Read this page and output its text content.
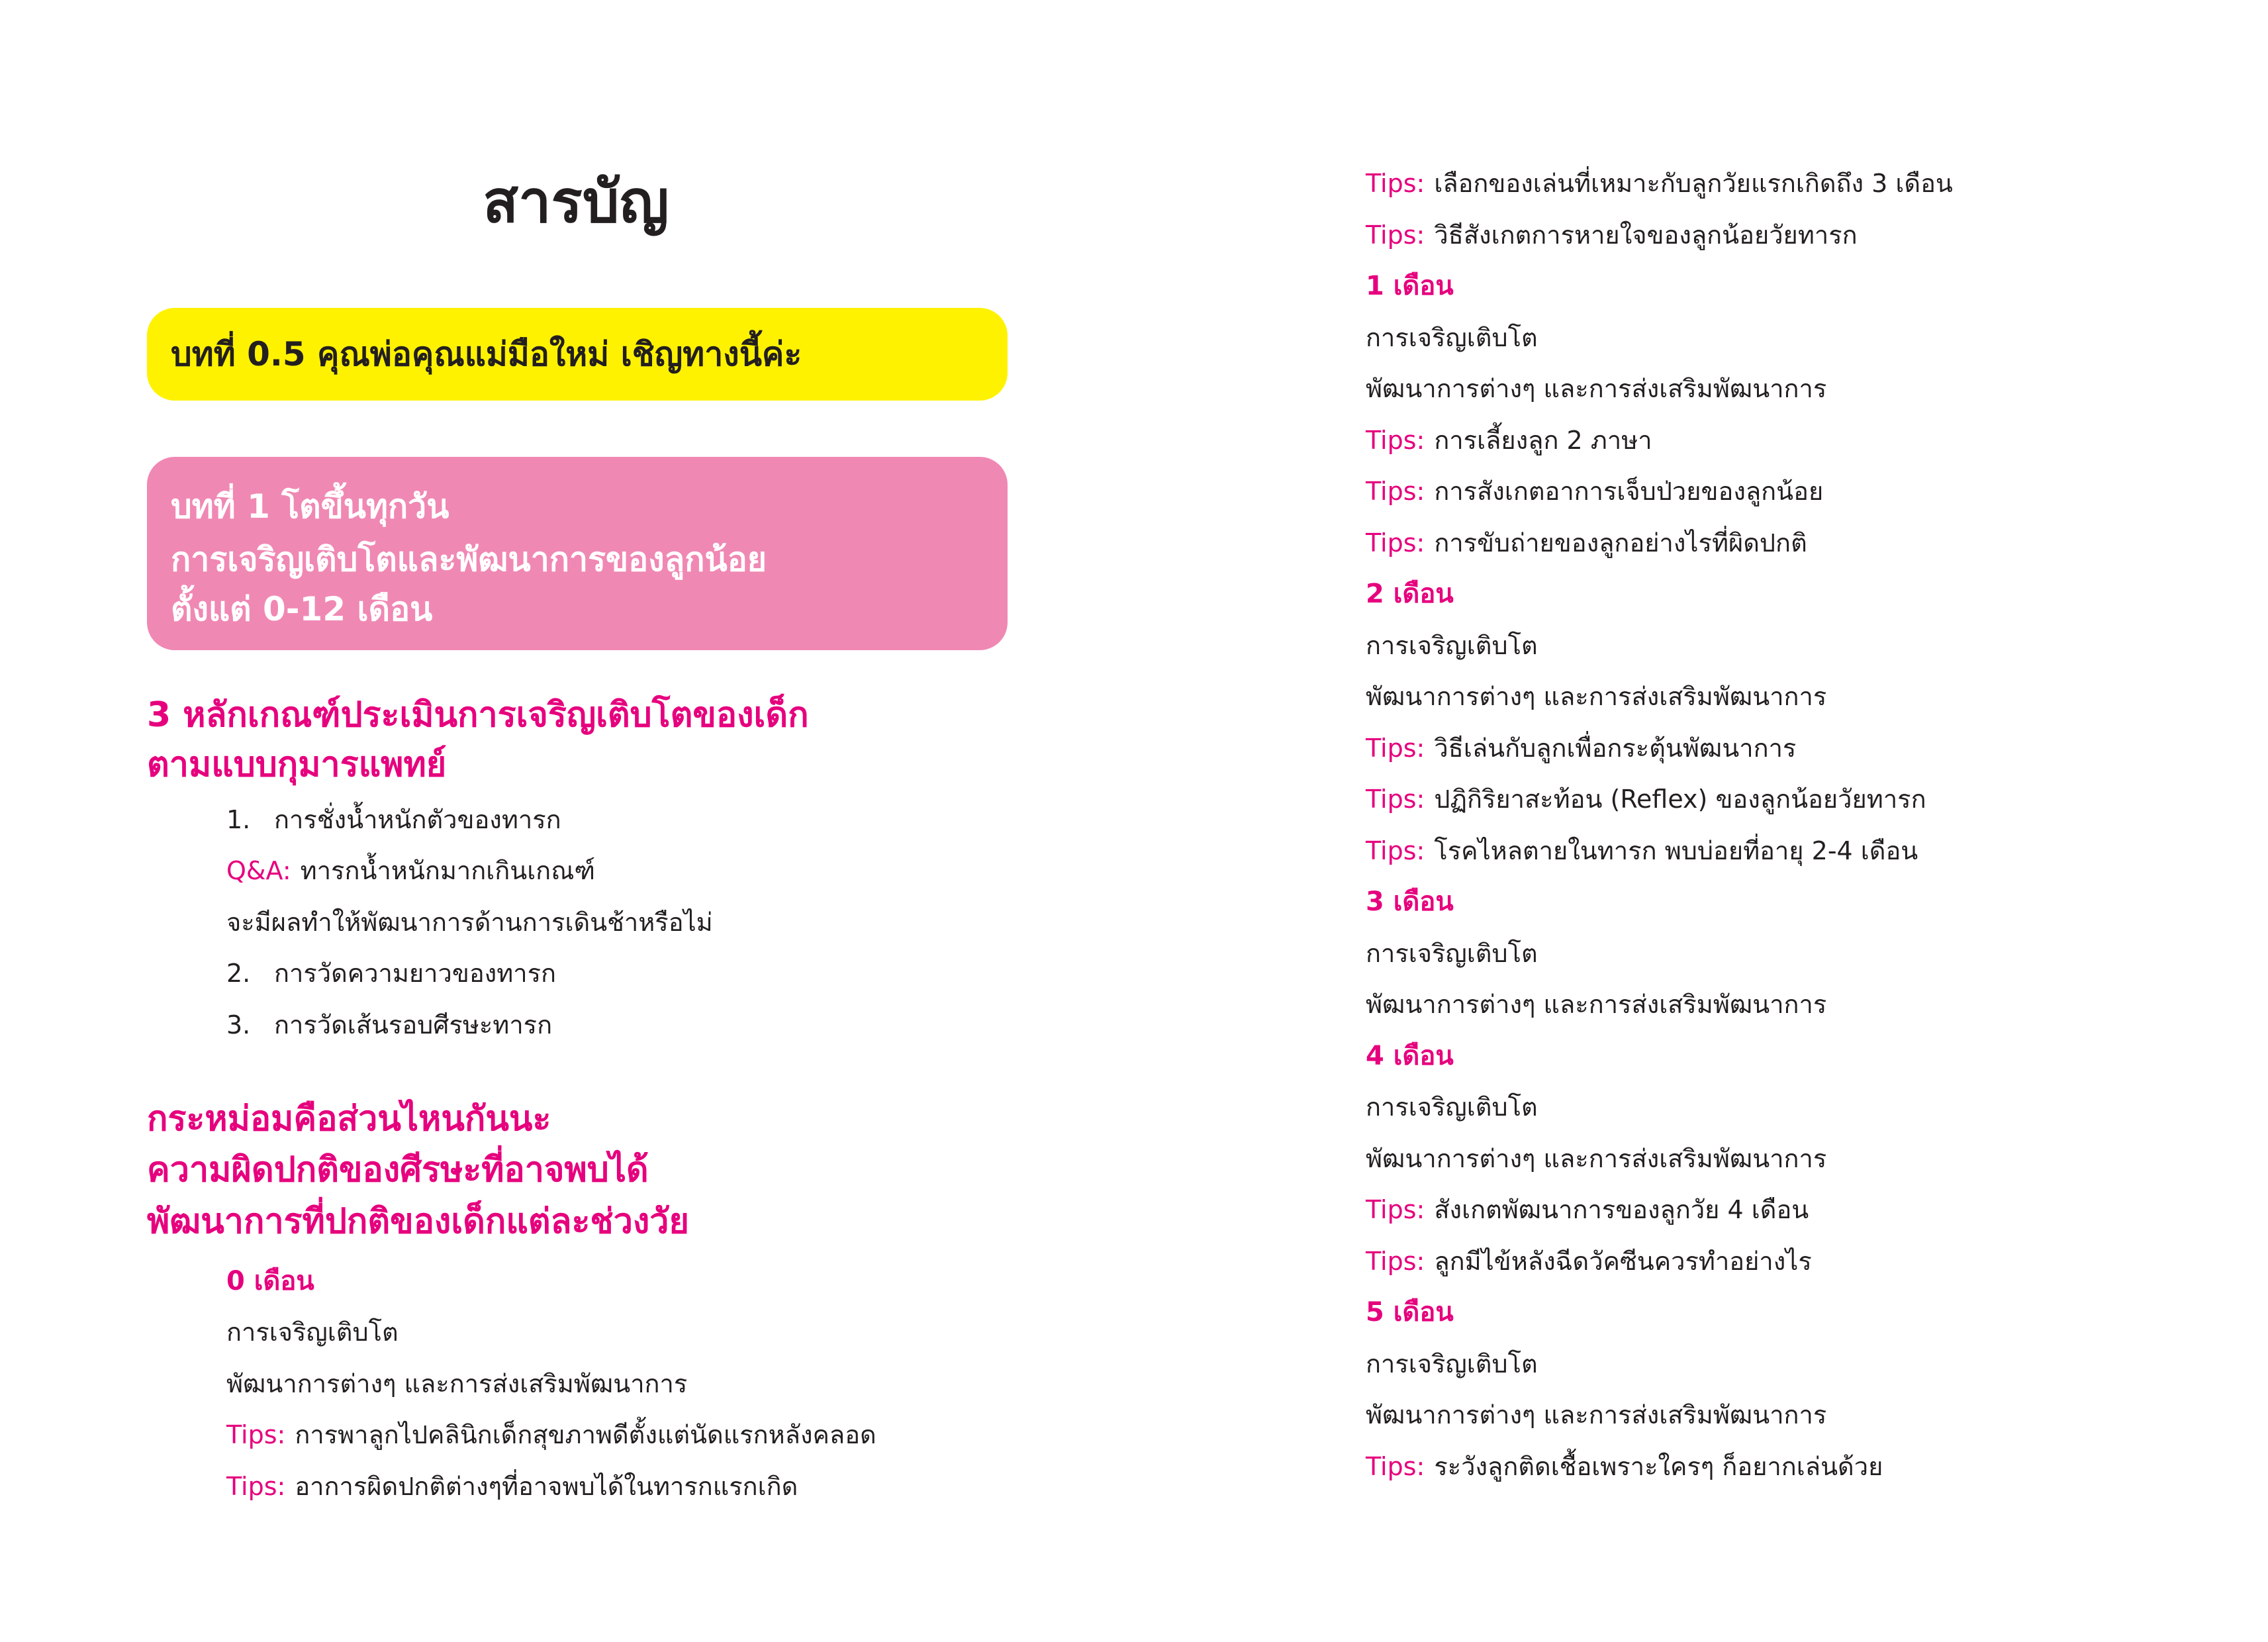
สารบัญ
บทที่ 0.5 คุณพ่อคุณแม่มือใหม่ เชิญทางนี้ค่ะ
บทที่ 1 โตขึ้นทุกวัน
การเจริญเติบโตและพัฒนาการของลูกน้อย
ตั้งแต่ 0-12 เดือน
3 หลักเกณฑ์ประเมินการเจริญเติบโตของเด็ก
ตามแบบกุมารแพทย์
1. การชั่งน้ำหนักตัวของทารก
Q&A: ทารกน้ำหนักมากเกินเกณฑ์
จะมีผลทำให้พัฒนาการด้านการเดินช้าหรือไม่
2. การวัดความยาวของทารก
3. การวัดเส้นรอบศีรษะทารก
กระหม่อมคือส่วนไหนกันนะ
ความผิดปกติของศีรษะที่อาจพบได้
พัฒนาการที่ปกติของเด็กแต่ละช่วงวัย
0 เดือน
การเจริญเติบโต
พัฒนาการต่างๆ และการส่งเสริมพัฒนาการ
Tips: การพาลูกไปคลินิกเด็กสุขภาพดีตั้งแต่นัดแรกหลังคลอด
Tips: อาการผิดปกติต่างๆที่อาจพบได้ในทารกแรกเกิด
Tips: เลือกของเล่นที่เหมาะกับลูกวัยแรกเกิดถึง 3 เดือน
Tips: วิธีสังเกตการหายใจของลูกน้อยวัยทารก
1 เดือน
การเจริญเติบโต
พัฒนาการต่างๆ และการส่งเสริมพัฒนาการ
Tips: การเลี้ยงลูก 2 ภาษา
Tips: การสังเกตอาการเจ็บป่วยของลูกน้อย
Tips: การขับถ่ายของลูกอย่างไรที่ผิดปกติ
2 เดือน
การเจริญเติบโต
พัฒนาการต่างๆ และการส่งเสริมพัฒนาการ
Tips: วิธีเล่นกับลูกเพื่อกระตุ้นพัฒนาการ
Tips: ปฏิกิริยาสะท้อน (Reflex) ของลูกน้อยวัยทารก
Tips: โรคไหลตายในทารก พบบ่อยที่อายุ 2-4 เดือน
3 เดือน
การเจริญเติบโต
พัฒนาการต่างๆ และการส่งเสริมพัฒนาการ
4 เดือน
การเจริญเติบโต
พัฒนาการต่างๆ และการส่งเสริมพัฒนาการ
Tips: สังเกตพัฒนาการของลูกวัย 4 เดือน
Tips: ลูกมีไข้หลังฉีดวัคซีนควรทำอย่างไร
5 เดือน
การเจริญเติบโต
พัฒนาการต่างๆ และการส่งเสริมพัฒนาการ
Tips: ระวังลูกติดเชื้อเพราะใครๆ ก็อยากเล่นด้วย
